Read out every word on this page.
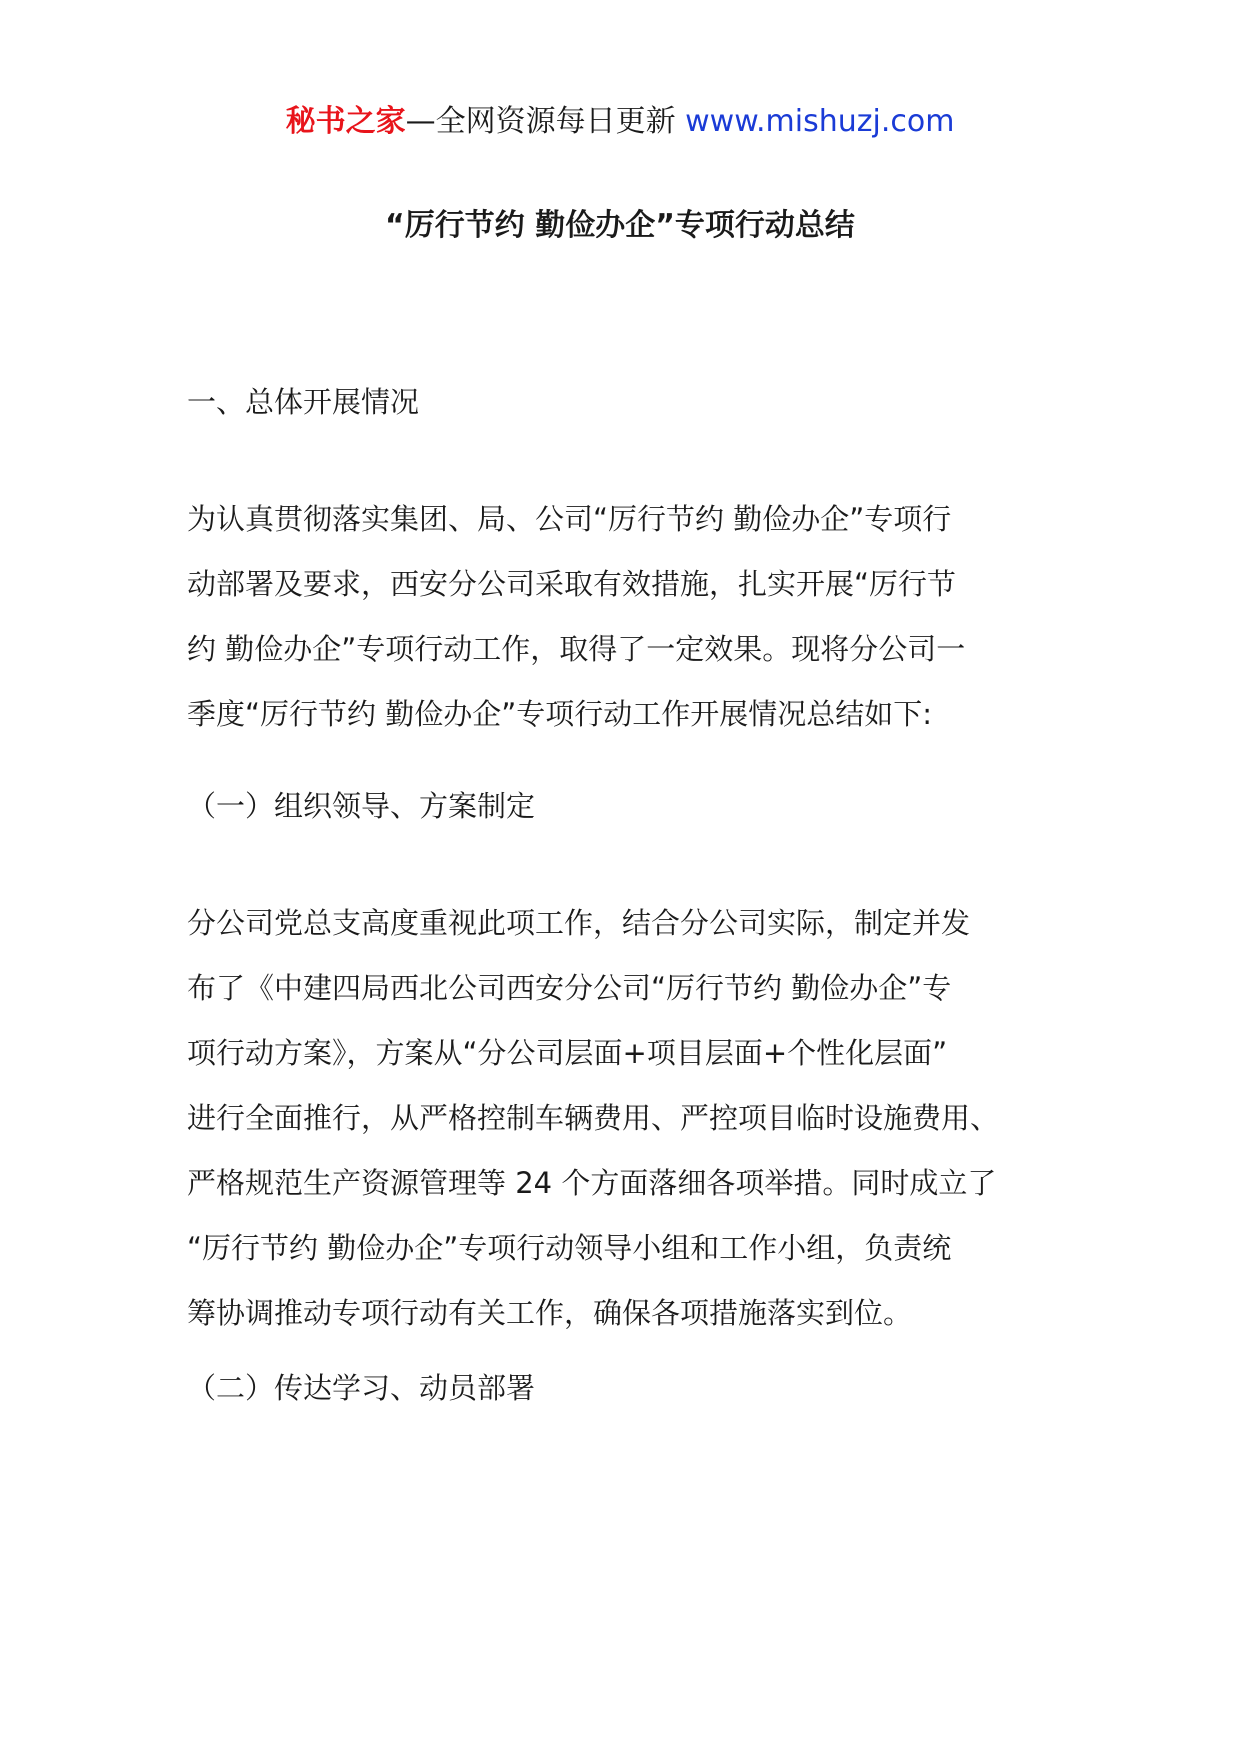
秘书之家—全网资源每日更新 www.mishuzj.com
“厉行节约 勤俭办企”专项行动总结
一、总体开展情况
为认真贯彻落实集团、局、公司“厉行节约 勤俭办企”专项行
动部署及要求，西安分公司采取有效措施，扎实开展“厉行节
约 勤俭办企”专项行动工作，取得了一定效果。现将分公司一
季度“厉行节约 勤俭办企”专项行动工作开展情况总结如下:
（一）组织领导、方案制定
分公司党总支高度重视此项工作，结合分公司实际，制定并发
布了《中建四局西北公司西安分公司“厉行节约 勤俭办企”专
项行动方案》，方案从“分公司层面+项目层面+个性化层面”
进行全面推行，从严格控制车辆费用、严控项目临时设施费用、
严格规范生产资源管理等 24 个方面落细各项举措。同时成立了
“厉行节约 勤俭办企”专项行动领导小组和工作小组，负责统
筹协调推动专项行动有关工作，确保各项措施落实到位。
（二）传达学习、动员部署
